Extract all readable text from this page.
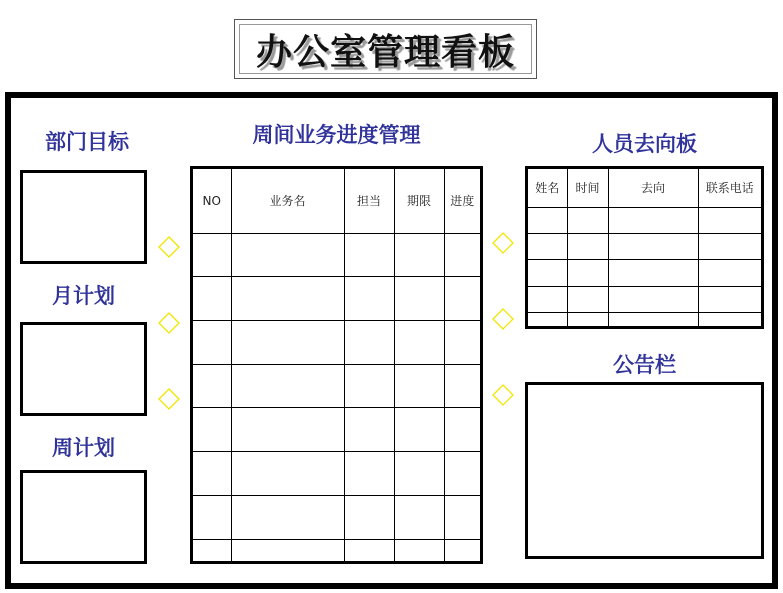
办公室管理看板
部门目标
月计划
周计划
周间业务进度管理
NO	业务名	担当	期限	进度

人员去向板
姓名	时间	去向	联系电话

公告栏
